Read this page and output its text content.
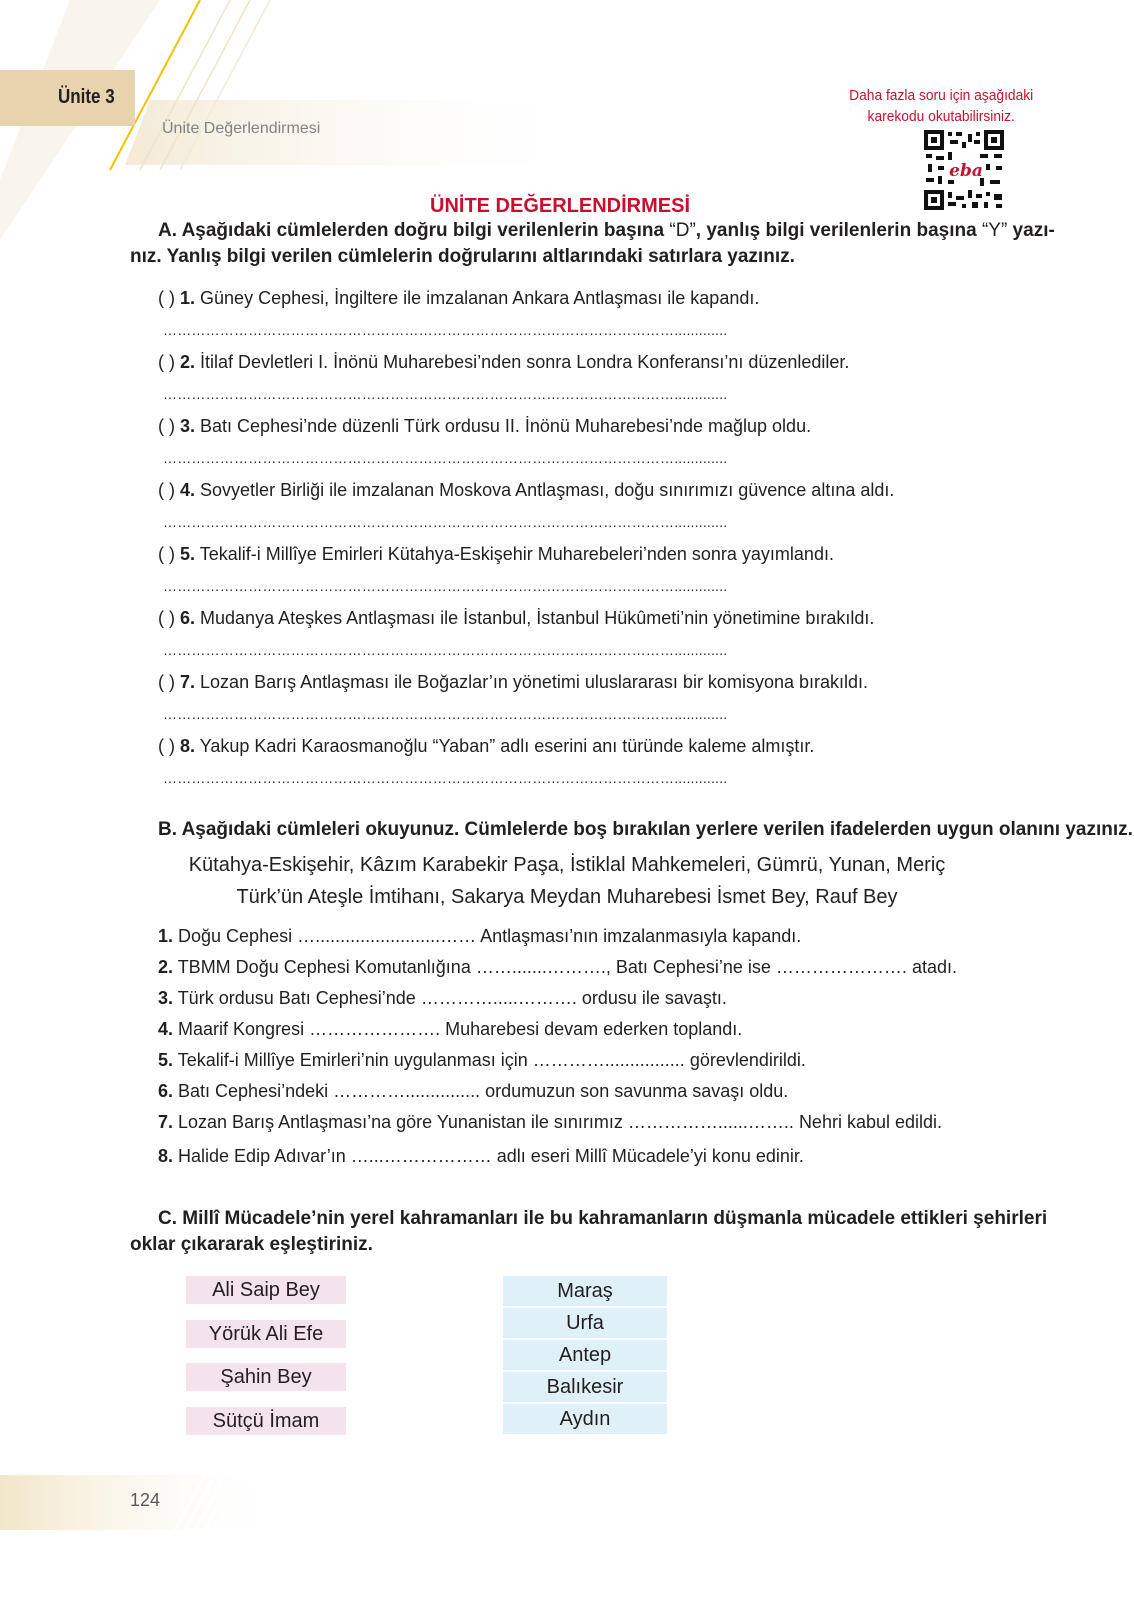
Ünite 3
Ünite Değerlendirmesi
Daha fazla soru için aşağıdaki
karekodu okutabilirsiniz.
eba
ÜNİTE DEĞERLENDİRMESİ
A. Aşağıdaki cümlelerden doğru bilgi verilenlerin başına “D”, yanlış bilgi verilenlerin başına “Y” yazı-
nız. Yanlış bilgi verilen cümlelerin doğrularını altlarındaki satırlara yazınız.
( ) 1. Güney Cephesi, İngiltere ile imzalanan Ankara Antlaşması ile kapandı.
……………………………………………………………………………………………….............
( ) 2. İtilaf Devletleri I. İnönü Muharebesi’nden sonra Londra Konferansı’nı düzenlediler.
……………………………………………………………………………………………….............
( ) 3. Batı Cephesi’nde düzenli Türk ordusu II. İnönü Muharebesi’nde mağlup oldu.
……………………………………………………………………………………………….............
( ) 4. Sovyetler Birliği ile imzalanan Moskova Antlaşması, doğu sınırımızı güvence altına aldı.
……………………………………………………………………………………………….............
( ) 5. Tekalif-i Millîye Emirleri Kütahya-Eskişehir Muharebeleri’nden sonra yayımlandı.
……………………………………………………………………………………………….............
( ) 6. Mudanya Ateşkes Antlaşması ile İstanbul, İstanbul Hükûmeti’nin yönetimine bırakıldı.
……………………………………………………………………………………………….............
( ) 7. Lozan Barış Antlaşması ile Boğazlar’ın yönetimi uluslararası bir komisyona bırakıldı.
……………………………………………………………………………………………….............
( ) 8. Yakup Kadri Karaosmanoğlu “Yaban” adlı eserini anı türünde kaleme almıştır.
……………………………………………………………………………………………….............
B. Aşağıdaki cümleleri okuyunuz. Cümlelerde boş bırakılan yerlere verilen ifadelerden uygun olanını yazınız.
Kütahya-Eskişehir, Kâzım Karabekir Paşa, İstiklal Mahkemeleri, Gümrü, Yunan, Meriç
Türk’ün Ateşle İmtihanı, Sakarya Meydan Muharebesi İsmet Bey, Rauf Bey
1. Doğu Cephesi ….........................…… Antlaşması’nın imzalanmasıyla kapandı.
2. TBMM Doğu Cephesi Komutanlığına …….......………., Batı Cephesi’ne ise …………………. atadı.
3. Türk ordusu Batı Cephesi’nde ………….....………. ordusu ile savaştı.
4. Maarif Kongresi …………………. Muharebesi devam ederken toplandı.
5. Tekalif-i Millîye Emirleri’nin uygulanması için …………................ görevlendirildi.
6. Batı Cephesi’ndeki …………............... ordumuzun son savunma savaşı oldu.
7. Lozan Barış Antlaşması’na göre Yunanistan ile sınırımız ……………......…….. Nehri kabul edildi.
8. Halide Edip Adıvar’ın …...……………… adlı eseri Millî Mücadele’yi konu edinir.
C. Millî Mücadele’nin yerel kahramanları ile bu kahramanların düşmanla mücadele ettikleri şehirleri
oklar çıkararak eşleştiriniz.
Ali Saip Bey
Yörük Ali Efe
Şahin Bey
Sütçü İmam
Maraş
Urfa
Antep
Balıkesir
Aydın
124
